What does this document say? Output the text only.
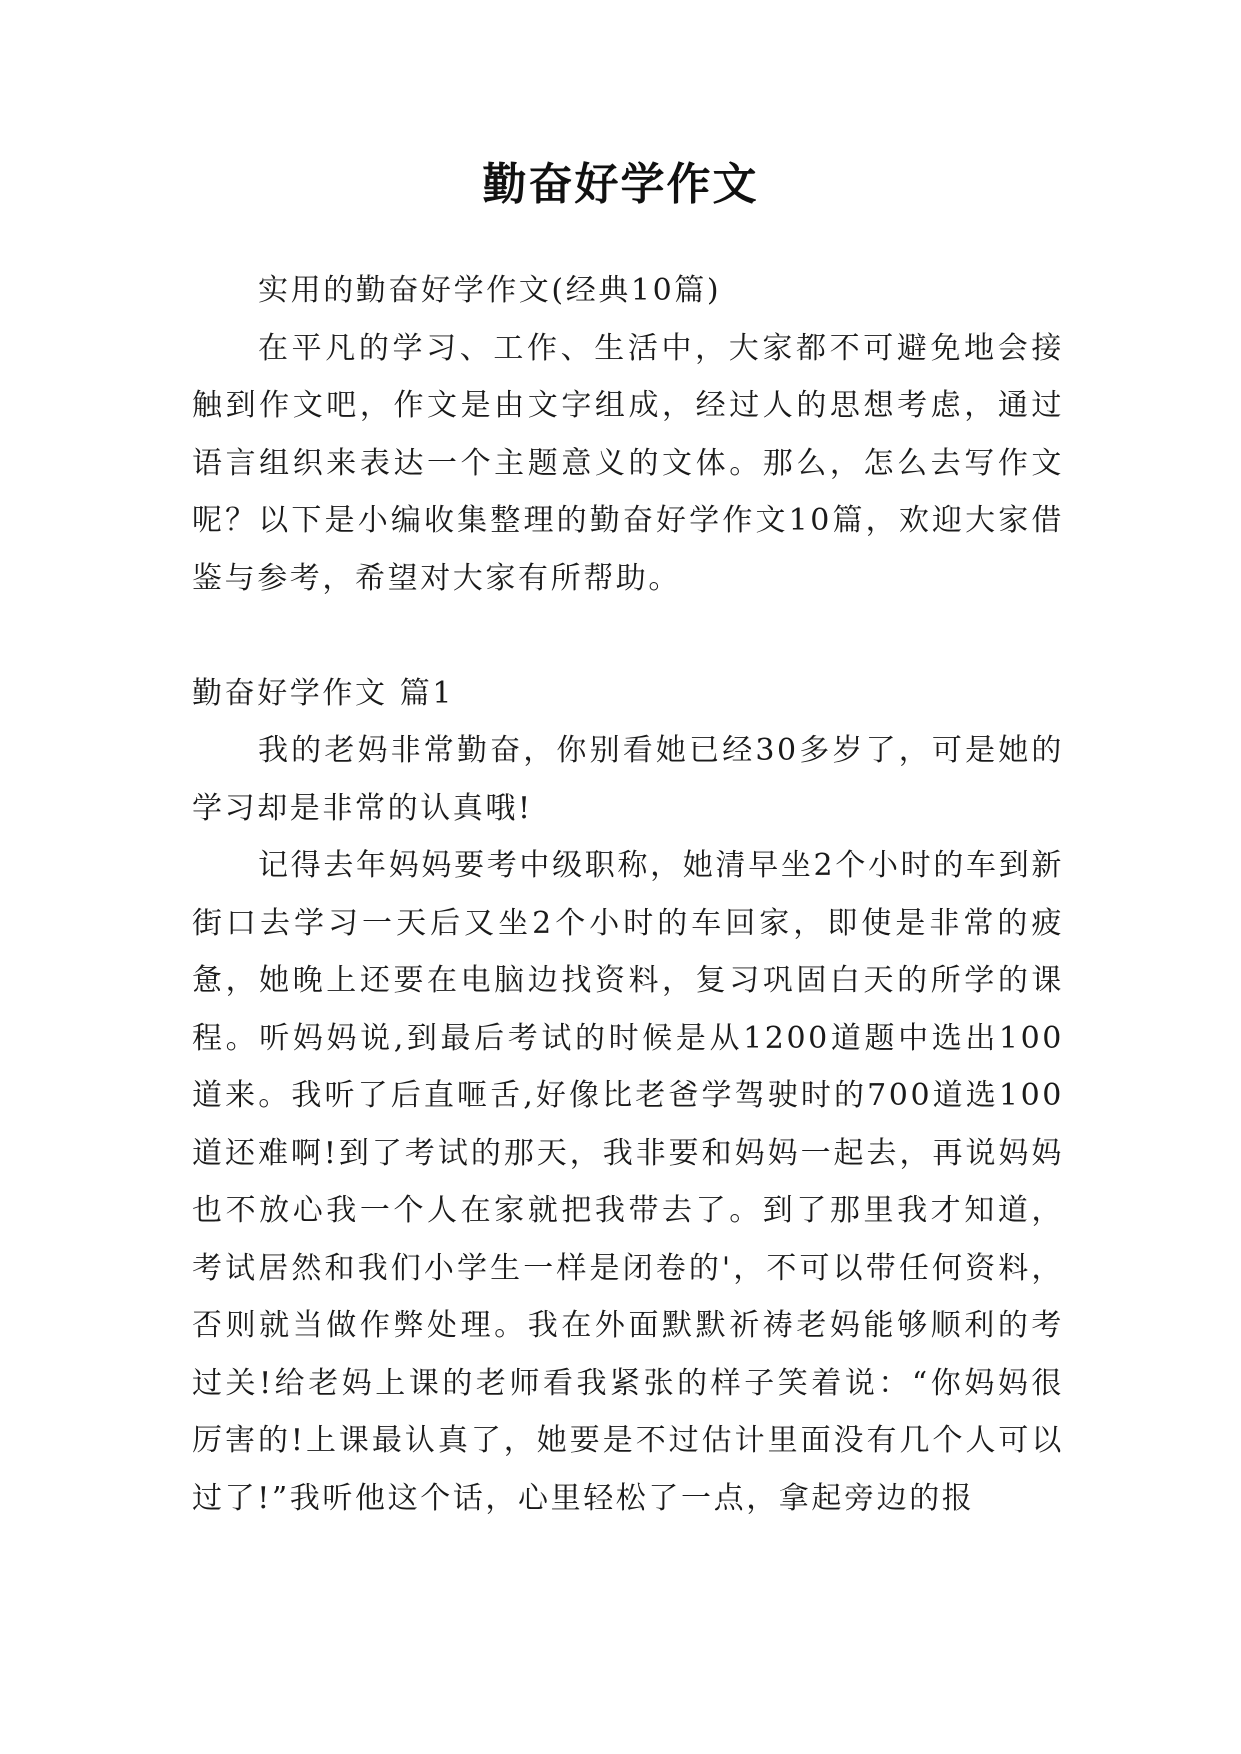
勤奋好学作文

实用的勤奋好学作文(经典10篇)

在平凡的学习、工作、生活中，大家都不可避免地会接触到作文吧，作文是由文字组成，经过人的思想考虑，通过语言组织来表达一个主题意义的文体。那么，怎么去写作文呢？以下是小编收集整理的勤奋好学作文10篇，欢迎大家借鉴与参考，希望对大家有所帮助。

勤奋好学作文 篇1

我的老妈非常勤奋，你别看她已经30多岁了，可是她的学习却是非常的认真哦!

记得去年妈妈要考中级职称，她清早坐2个小时的车到新街口去学习一天后又坐2个小时的车回家，即使是非常的疲惫，她晚上还要在电脑边找资料，复习巩固白天的所学的课程。听妈妈说,到最后考试的时候是从1200道题中选出100道来。我听了后直咂舌,好像比老爸学驾驶时的700道选100道还难啊!到了考试的那天，我非要和妈妈一起去，再说妈妈也不放心我一个人在家就把我带去了。到了那里我才知道，考试居然和我们小学生一样是闭卷的'，不可以带任何资料，否则就当做作弊处理。我在外面默默祈祷老妈能够顺利的考过关!给老妈上课的老师看我紧张的样子笑着说：“你妈妈很厉害的!上课最认真了，她要是不过估计里面没有几个人可以过了!”我听他这个话，心里轻松了一点，拿起旁边的报
